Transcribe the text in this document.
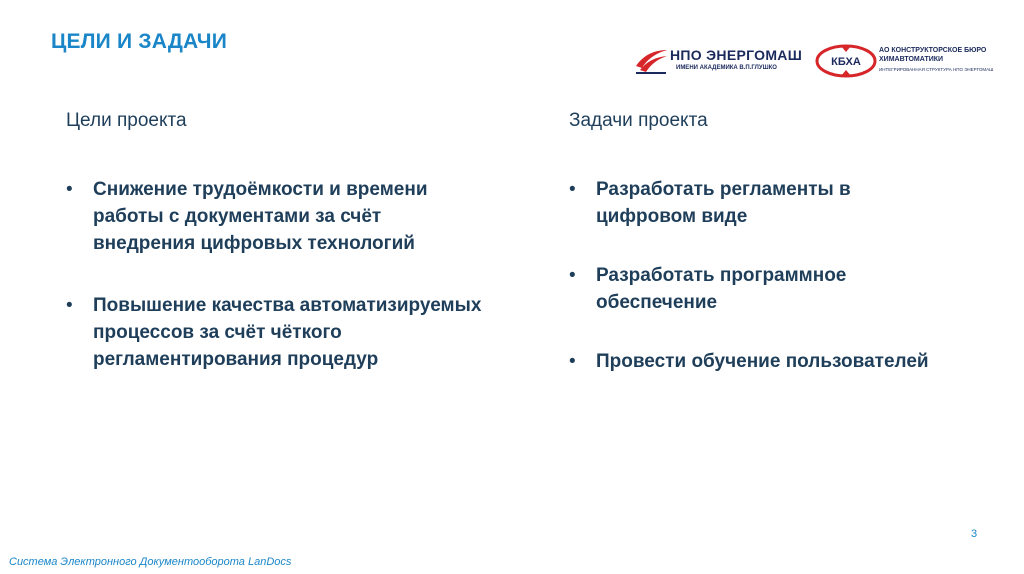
ЦЕЛИ И ЗАДАЧИ
НПО ЭНЕРГОМАШ
ИМЕНИ АКАДЕМИКА В.П.ГЛУШКО	КБХА
АО КОНСТРУКТОРСКОЕ БЮРО
ХИМАВТОМАТИКИ
ИНТЕГРИРОВАННАЯ СТРУКТУРА НПО ЭНЕРГОМАШ
Цели проекта
• Снижение трудоёмкости и времени работы с документами за счёт внедрения цифровых технологий
• Повышение качества автоматизируемых процессов за счёт чёткого регламентирования процедур
Задачи проекта
• Разработать регламенты в цифровом виде
• Разработать программное обеспечение
• Провести обучение пользователей
3
Система Электронного Документооборота LanDocs
